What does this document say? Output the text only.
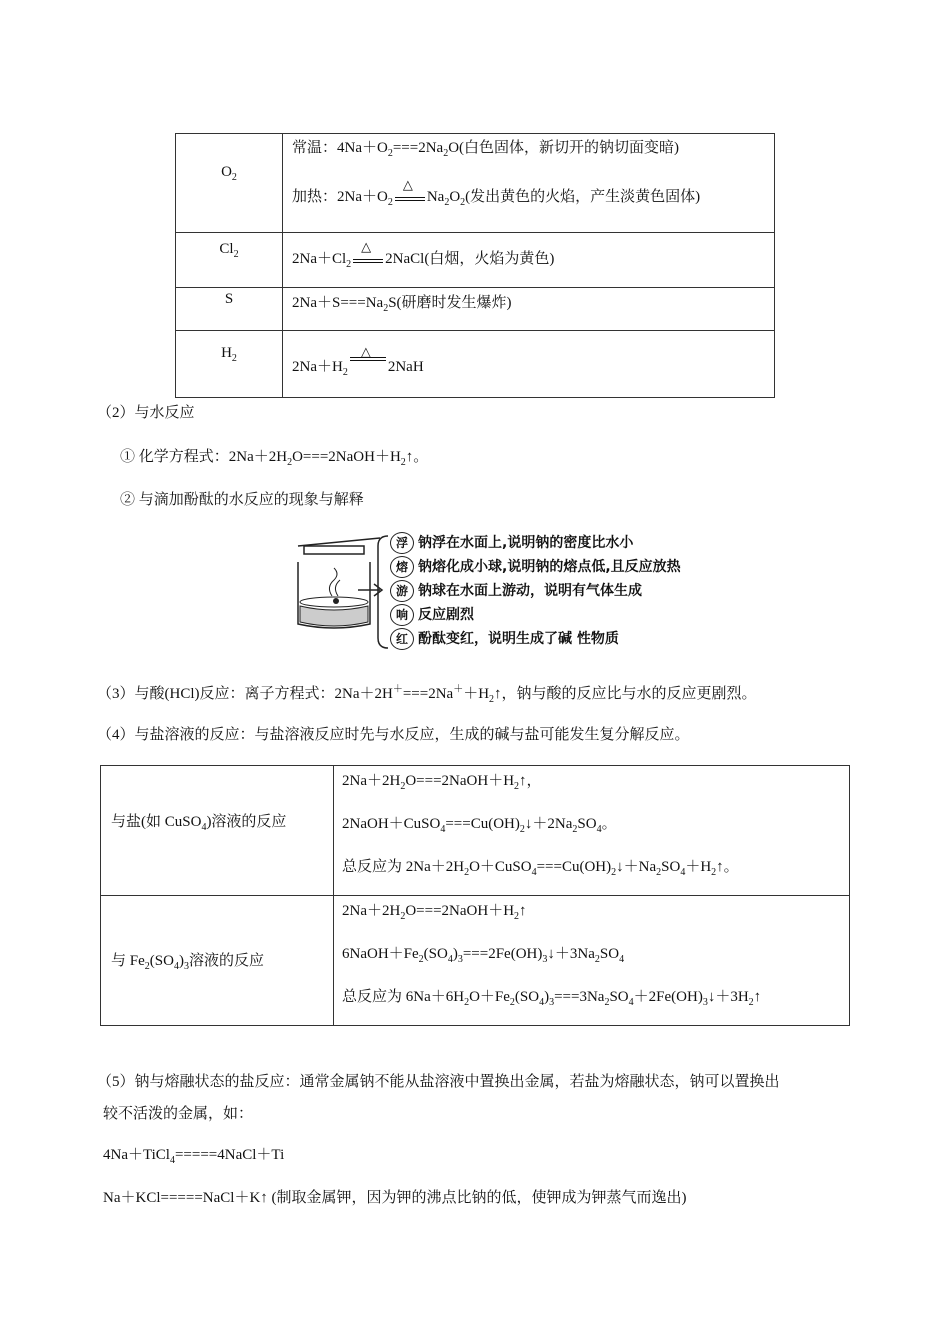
$O_2$	常温：$4Na+O_2===2Na_2O$(白色固体，新切开的钠切面变暗)
加热：$2Na+O_2$
△
$Na_2O_2$(发出黄色的火焰，产生淡黄色固体)

$Cl_2$	$2Na+Cl_2$
△
2NaCl(白烟，火焰为黄色)

S	$2Na+S===Na_2S$(研磨时发生爆炸)

$H_2$	$2Na+H_2$
△
2NaH
（2）与水反应
① 化学方程式：$2Na+2H_2O===2NaOH+H_2↑$。
② 与滴加酚酞的水反应的现象与解释
浮 钠浮在水面上,说明钠的密度比水小
熔 钠熔化成小球,说明钠的熔点低,且反应放热
游 钠球在水面上游动，说明有气体生成
响 反应剧烈
红 酚酞变红，说明生成了碱 性物质
（3）与酸(HCl)反应：离子方程式：$2Na+2H^+===2Na^++H_2↑$，钠与酸的反应比与水的反应更剧烈。
（4）与盐溶液的反应：与盐溶液反应时先与水反应，生成的碱与盐可能发生复分解反应。
与盐(如 CuSO$_4$)溶液的反应	$2Na+2H_2O===2NaOH+H_2↑$，
$2NaOH+CuSO_4===Cu(OH)_2↓+2Na_2SO_4$。
总反应为 $2Na+2H_2O+CuSO_4===Cu(OH)_2↓+Na_2SO_4+H_2↑$。

与 $Fe_2(SO_4)_3$溶液的反应	$2Na+2H_2O===2NaOH+H_2↑$
$6NaOH+Fe_2(SO_4)_3===2Fe(OH)_3↓+3Na_2SO_4$
总反应为 $6Na+6H_2O+Fe_2(SO_4)_3===3Na_2SO_4+2Fe(OH)_3↓+3H_2↑$
（5）钠与熔融状态的盐反应：通常金属钠不能从盐溶液中置换出金属，若盐为熔融状态，钠可以置换出
较不活泼的金属，如：
4Na＋TiCl$_4$=====4NaCl＋Ti
Na＋KCl=====NaCl＋K↑ (制取金属钾，因为钾的沸点比钠的低，使钾成为钾蒸气而逸出)
